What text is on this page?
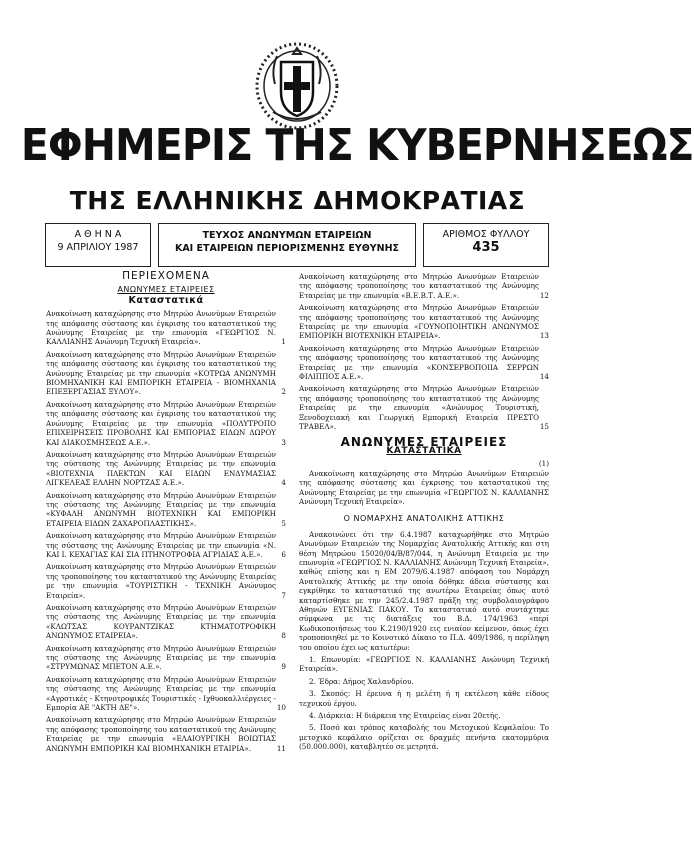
ΕΦΗΜΕΡΙΣ ΤΗΣ ΚΥΒΕΡΝΗΣΕΩΣ
ΤΗΣ ΕΛΛΗΝΙΚΗΣ ΔΗΜΟΚΡΑΤΙΑΣ
Α Θ Η Ν Α
9 ΑΠΡΙΛΙΟΥ 1987
ΤΕΥΧΟΣ ΑΝΩΝΥΜΩΝ ΕΤΑΙΡΕΙΩΝ
ΚΑΙ ΕΤΑΙΡΕΙΩΝ ΠΕΡΙΟΡΙΣΜΕΝΗΣ ΕΥΘΥΝΗΣ
ΑΡΙΘΜΟΣ ΦΥΛΛΟΥ
435
ΠΕΡΙΕΧΟΜΕΝΑ
ΑΝΩΝΥΜΕΣ ΕΤΑΙΡΕΙΕΣ
Καταστατικά
Ανακοίνωση καταχώρησης στο Μητρώο Ανωνύμων Εταιρειών της απόφασης σύστασης και έγκρισης του καταστατικού της Ανώνυμης Εταιρείας με την επωνυμία «ΓΕΩΡΓΙΟΣ Ν. ΚΑΛΛΙΑΝΗΣ Ανώνυμη Τεχνική Εταιρεία».	1
Ανακοίνωση καταχώρησης στο Μητρώο Ανωνύμων Εταιρειών της απόφασης σύστασης και έγκρισης του καταστατικού της Ανώνυμης Εταιρείας με την επωνυμία «ΚΟΤΡΩΑ ΑΝΩΝΥΜΗ ΒΙΟΜΗΧΑΝΙΚΗ ΚΑΙ ΕΜΠΟΡΙΚΗ ΕΤΑΙΡΕΙΑ - ΒΙΟΜΗΧΑΝΙΑ ΕΠΕΞΕΡΓΑΣΙΑΣ ΞΥΛΟΥ».	2
Ανακοίνωση καταχώρησης στο Μητρώο Ανωνύμων Εταιρειών της απόφασης σύστασης και έγκρισης του καταστατικού της Ανώνυμης Εταιρείας με την επωνυμία «ΠΟΛΥΤΡΟΠΟ ΕΠΙΧΕΙΡΗΣΕΙΣ ΠΡΟΒΟΛΗΣ ΚΑΙ ΕΜΠΟΡΙΑΣ ΕΙΔΩΝ ΔΩΡΟΥ ΚΑΙ ΔΙΑΚΟΣΜΗΣΕΩΣ Α.Ε.».	3
Ανακοίνωση καταχώρησης στο Μητρώο Ανωνύμων Εταιρειών της σύστασης της Ανώνυμης Εταιρείας με την επωνυμία «ΒΙΟΤΕΧΝΙΑ ΠΛΕΚΤΩΝ ΚΑΙ ΕΙΔΩΝ ΕΝΔΥΜΑΣΙΑΣ ΛΙΓΚΕΛΕΑΣ ΕΛΛΗΝ ΝΟΡΤΖΑΣ Α.Ε.».	4
Ανακοίνωση καταχώρησης στο Μητρώο Ανωνύμων Εταιρειών της σύστασης της Ανώνυμης Εταιρείας με την επωνυμία «ΚΥΦΑΛΗ ΑΝΩΝΥΜΗ ΒΙΟΤΕΧΝΙΚΗ ΚΑΙ ΕΜΠΟΡΙΚΗ ΕΤΑΙΡΕΙΑ ΕΙΔΩΝ ΖΑΧΑΡΟΠΛΑΣΤΙΚΗΣ».	5
Ανακοίνωση καταχώρησης στο Μητρώο Ανωνύμων Εταιρειών της σύστασης της Ανώνυμης Εταιρείας με την επωνυμία «Ν. ΚΑΙ Ι. ΚΕΧΑΓΙΑΣ ΚΑΙ ΣΙΑ ΠΤΗΝΟΤΡΟΦΙΑ ΑΓΡΙΔΙΑΣ Α.Ε.».	6
Ανακοίνωση καταχώρησης στο Μητρώο Ανωνύμων Εταιρειών της τροποποίησης του καταστατικού της Ανώνυμης Εταιρείας με την επωνυμία «ΤΟΥΡΙΣΤΙΚΗ - ΤΕΧΝΙΚΗ Ανώνυμος Εταιρεία».	7
Ανακοίνωση καταχώρησης στο Μητρώο Ανωνύμων Εταιρειών της σύστασης της Ανώνυμης Εταιρείας με την επωνυμία «ΚΛΩΤΣΑΣ ΚΟΥΡΑΝΤΖΙΚΑΣ ΚΤΗΜΑΤΟΤΡΟΦΙΚΗ ΑΝΩΝΥΜΟΣ ΕΤΑΙΡΕΙΑ».	8
Ανακοίνωση καταχώρησης στο Μητρώο Ανωνύμων Εταιρειών της σύστασης της Ανώνυμης Εταιρείας με την επωνυμία «ΣΤΡΥΜΩΝΑΣ ΜΠΕΤΟΝ Α.Ε.».	9
Ανακοίνωση καταχώρησης στο Μητρώο Ανωνύμων Εταιρειών της σύστασης της Ανώνυμης Εταιρείας με την επωνυμία «Αγροτικές - Κτηνοτροφικές Τουριστικές - Ιχθυοκαλλιέργειες - Εμπορία ΑΕ "ΑΚΤΗ ΔΕ"».	10
Ανακοίνωση καταχώρησης στο Μητρώο Ανωνύμων Εταιρειών της απόφασης τροποποίησης του καταστατικού της Ανώνυμης Εταιρείας με την επωνυμία «ΕΛΑΙΟΥΡΓΙΚΗ ΒΟΙΩΤΙΑΣ ΑΝΩΝΥΜΗ ΕΜΠΟΡΙΚΗ ΚΑΙ ΒΙΟΜΗΧΑΝΙΚΗ ΕΤΑΙΡΙΑ».	11
Ανακοίνωση καταχώρησης στο Μητρώο Ανωνύμων Εταιρειών της απόφασης τροποποίησης του καταστατικού της Ανώνυμης Εταιρείας με την επωνυμία «Β.Ε.Β.Τ. Α.Ε.».	12
Ανακοίνωση καταχώρησης στο Μητρώο Ανωνύμων Εταιρειών της απόφασης τροποποίησης του καταστατικού της Ανώνυμης Εταιρείας με την επωνυμία «ΓΟΥΝΟΠΟΙΗΤΙΚΗ ΑΝΩΝΥΜΟΣ ΕΜΠΟΡΙΚΗ ΒΙΟΤΕΧΝΙΚΗ ΕΤΑΙΡΕΙΑ».	13
Ανακοίνωση καταχώρησης στο Μητρώο Ανωνύμων Εταιρειών της απόφασης τροποποίησης του καταστατικού της Ανώνυμης Εταιρείας με την επωνυμία «ΚΟΝΣΕΡΒΟΠΟΙΙΑ ΣΕΡΡΩΝ ΦΙΛΙΠΠΟΣ Α.Ε.».	14
Ανακοίνωση καταχώρησης στο Μητρώο Ανωνύμων Εταιρειών της απόφασης τροποποίησης του καταστατικού της Ανώνυμης Εταιρείας με την επωνυμία «Ανώνυμος Τουριστική, Ξενοδοχειακή και Γεωργική Εμπορική Εταιρεία ΠΡΕΣΤΟ ΤΡΑΒΕΛ».	15
ΑΝΩΝΥΜΕΣ ΕΤΑΙΡΕΙΕΣ
ΚΑΤΑΣΤΑΤΙΚΑ
(1)
Ανακοίνωση καταχώρησης στο Μητρώο Ανωνύμων Εταιρειών της απόφασης σύστασης και έγκρισης του καταστατικού της Ανώνυμης Εταιρείας με την επωνυμία «ΓΕΩΡΓΙΟΣ Ν. ΚΑΛΛΙΑΝΗΣ Ανώνυμη Τεχνική Εταιρεία».
Ο ΝΟΜΑΡΧΗΣ ΑΝΑΤΟΛΙΚΗΣ ΑΤΤΙΚΗΣ
Ανακοινώνει ότι την 6.4.1987 καταχωρήθηκε στο Μητρώο Ανωνύμων Εταιρειών της Νομαρχίας Ανατολικής Αττικής και στη θέση Μητρώου 15020/04/Β/87/044, η Ανώνυμη Εταιρεία με την επωνυμία «ΓΕΩΡΓΙΟΣ Ν. ΚΑΛΛΙΑΝΗΣ Ανώνυμη Τεχνική Εταιρεία», καθώς επίσης και η ΕΜ 2079/6.4.1987 απόφαση του Νομάρχη Ανατολικής Αττικής με την οποία δόθηκε άδεια σύστασης και εγκρίθηκε το καταστατικό της ανωτέρω Εταιρείας όπως αυτό καταρτίσθηκε με την 245/2.4.1987 πράξη της συμβολαιογράφου Αθηνών ΕΥΓΕΝΙΑΣ ΠΑΚΟΥ. Το καταστατικό αυτό συντάχτηκε σύμφωνα με τις διατάξεις του Β.Δ. 174/1963 «περί Κωδικοποιήσεως του Κ.2190/1920 εις ενιαίον κείμενον, όπως έχει τροποποιηθεί με το Κοινοτικό Δίκαιο το Π.Δ. 409/1986, η περίληψη του οποίου έχει ως κατωτέρω:
1. Επωνυμία: «ΓΕΩΡΓΙΟΣ Ν. ΚΑΛΛΙΑΝΗΣ Ανώνυμη Τεχνική Εταιρεία».
2. Έδρα: Δήμος Χαλανδρίου.
3. Σκοπός: Η έρευνα ή η μελέτη ή η εκτέλεση κάθε είδους τεχνικού έργου.
4. Διάρκεια: Η διάρκεια της Εταιρείας είναι 20ετής.
5. Ποσό και τρόπος καταβολής του Μετοχικού Κεφαλαίου: Το μετοχικό κεφάλαιο ορίζεται σε δραχμές πενήντα εκατομμύρια (50.000.000), καταβλητέο σε μετρητά.
